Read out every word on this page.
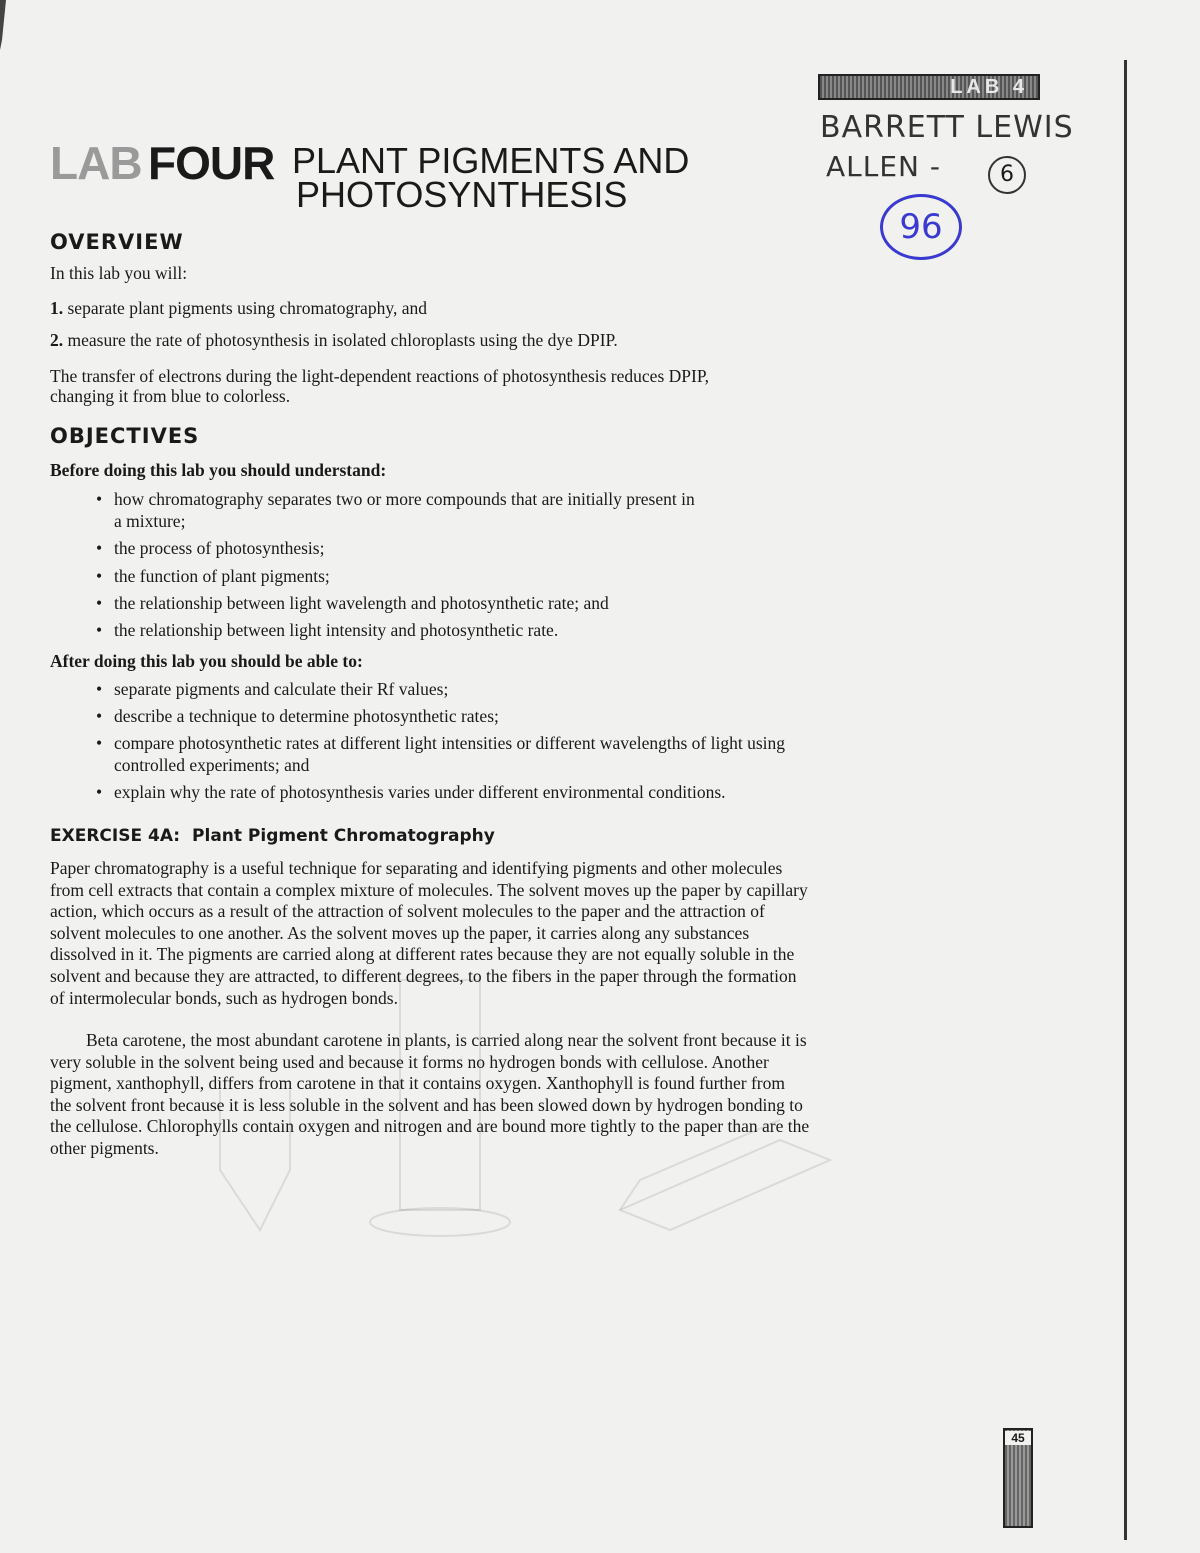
LAB 4
BARRETT LEWIS
ALLEN -	6
96
LAB FOUR PLANT PIGMENTS AND
PHOTOSYNTHESIS
OVERVIEW
In this lab you will:
1. separate plant pigments using chromatography, and
2. measure the rate of photosynthesis in isolated chloroplasts using the dye DPIP.
The transfer of electrons during the light-dependent reactions of photosynthesis reduces DPIP,
changing it from blue to colorless.
OBJECTIVES
Before doing this lab you should understand:
• how chromatography separates two or more compounds that are initially present in a mixture;
• the process of photosynthesis;
• the function of plant pigments;
• the relationship between light wavelength and photosynthetic rate; and
• the relationship between light intensity and photosynthetic rate.
After doing this lab you should be able to:
• separate pigments and calculate their Rf values;
• describe a technique to determine photosynthetic rates;
• compare photosynthetic rates at different light intensities or different wavelengths of light using controlled experiments; and
• explain why the rate of photosynthesis varies under different environmental conditions.
EXERCISE 4A: Plant Pigment Chromatography
Paper chromatography is a useful technique for separating and identifying pigments and other molecules from cell extracts that contain a complex mixture of molecules. The solvent moves up the paper by capillary action, which occurs as a result of the attraction of solvent molecules to the paper and the attraction of solvent molecules to one another. As the solvent moves up the paper, it carries along any substances dissolved in it. The pigments are carried along at different rates because they are not equally soluble in the solvent and because they are attracted, to different degrees, to the fibers in the paper through the formation of intermolecular bonds, such as hydrogen bonds.
Beta carotene, the most abundant carotene in plants, is carried along near the solvent front because it is very soluble in the solvent being used and because it forms no hydrogen bonds with cellulose. Another pigment, xanthophyll, differs from carotene in that it contains oxygen. Xanthophyll is found further from the solvent front because it is less soluble in the solvent and has been slowed down by hydrogen bonding to the cellulose. Chlorophylls contain oxygen and nitrogen and are bound more tightly to the paper than are the other pigments.
45
